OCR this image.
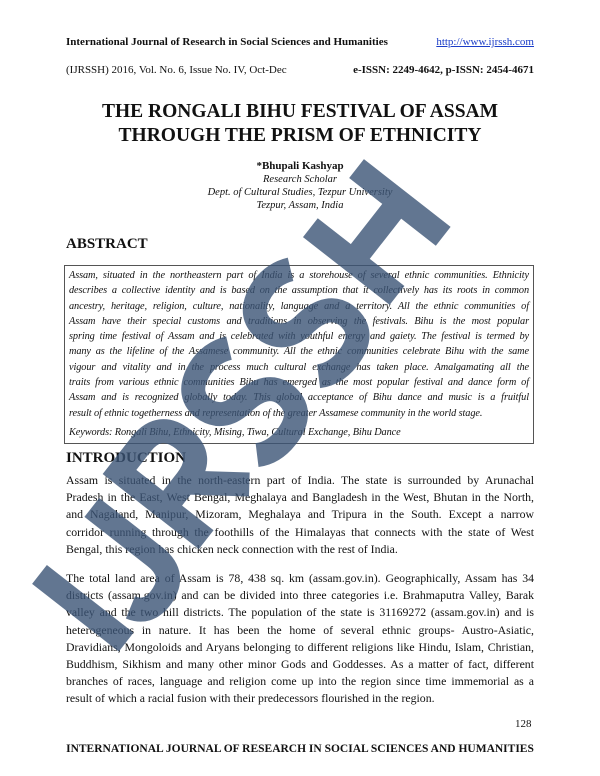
International Journal of Research in Social Sciences and Humanities	http://www.ijrssh.com
(IJRSSH) 2016, Vol. No. 6, Issue No. IV, Oct-Dec	e-ISSN: 2249-4642, p-ISSN: 2454-4671
THE RONGALI BIHU FESTIVAL OF ASSAM
THROUGH THE PRISM OF ETHNICITY
*Bhupali Kashyap
Research Scholar
Dept. of Cultural Studies, Tezpur University
Tezpur, Assam, India
ABSTRACT
Assam, situated in the northeastern part of India is a storehouse of several ethnic communities. Ethnicity
describes a collective identity and is based on the assumption that it collectively has its roots in common
ancestry, heritage, religion, culture, nationality, language and a territory. All the ethnic communities of
Assam have their special customs and traditions in observing the festivals. Bihu is the most popular
spring time festival of Assam and is celebrated with youthful energy and gaiety. The festival is termed by
many as the lifeline of the Assamese community. All the ethnic communities celebrate Bihu with the same
vigour and vitality and in the process much cultural exchange has taken place. Amalgamating all the
traits from various ethnic communities Bihu has emerged as the most popular festival and dance form of
Assam and is recognized globally today. This global acceptance of Bihu dance and music is a fruitful
result of ethnic togetherness and representation of the greater Assamese community in the world stage.
Keywords: Rongali Bihu, Ethnicity, Mising, Tiwa, Cultural Exchange, Bihu Dance
INTRODUCTION
Assam is situated in the north-eastern part of India. The state is surrounded by Arunachal
Pradesh in the East, West Bengal, Meghalaya and Bangladesh in the West, Bhutan in the North,
and Nagaland, Manipur, Mizoram, Meghalaya and Tripura in the South. Except a narrow
corridor running through the foothills of the Himalayas that connects with the state of West
Bengal, this region has chicken neck connection with the rest of India.
The total land area of Assam is 78, 438 sq. km (assam.gov.in). Geographically, Assam has 34
districts (assam.gov.in) and can be divided into three categories i.e. Brahmaputra Valley, Barak
valley and the two hill districts. The population of the state is 31169272 (assam.gov.in) and is
heterogeneous in nature. It has been the home of several ethnic groups- Austro-Asiatic,
Dravidians, Mongoloids and Aryans belonging to different religions like Hindu, Islam, Christian,
Buddhism, Sikhism and many other minor Gods and Goddesses. As a matter of fact, different
branches of races, language and religion come up into the region since time immemorial as a
result of which a racial fusion with their predecessors flourished in the region.
128
INTERNATIONAL JOURNAL OF RESEARCH IN SOCIAL SCIENCES AND HUMANITIES
